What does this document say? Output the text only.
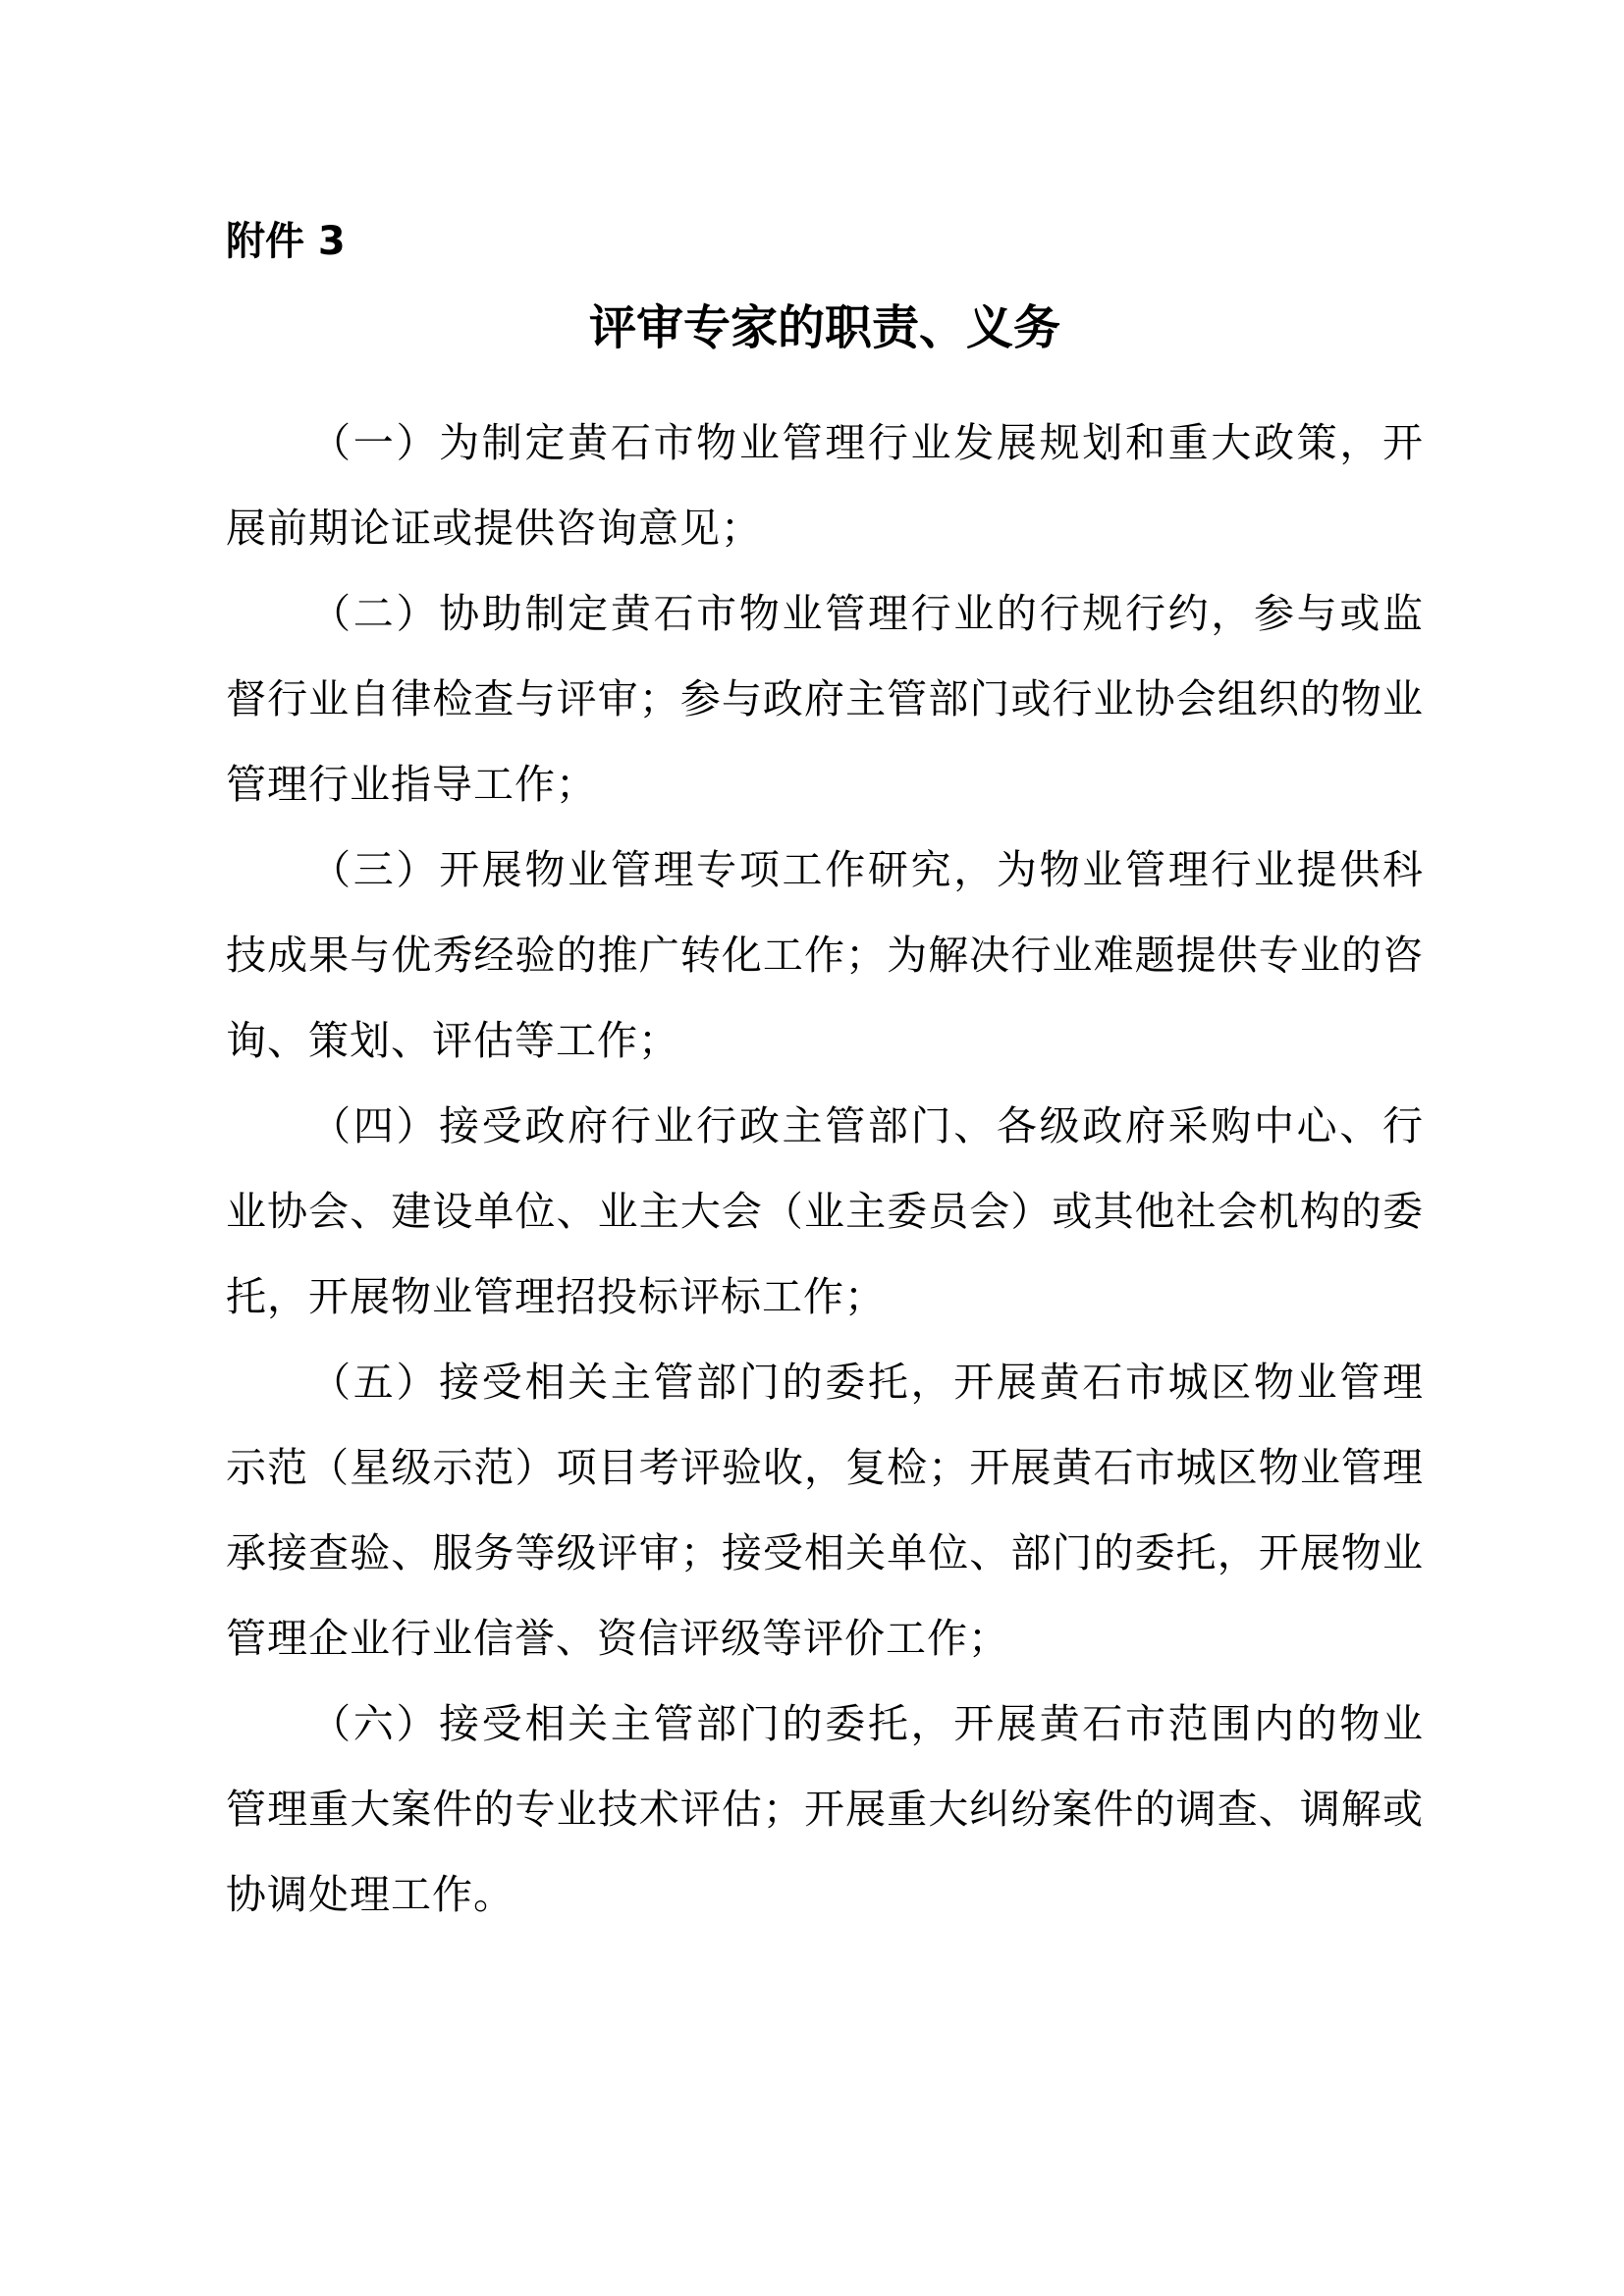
附件 3
评审专家的职责、义务

（一）为制定黄石市物业管理行业发展规划和重大政策，开展前期论证或提供咨询意见；

（二）协助制定黄石市物业管理行业的行规行约，参与或监督行业自律检查与评审；参与政府主管部门或行业协会组织的物业管理行业指导工作；

（三）开展物业管理专项工作研究，为物业管理行业提供科技成果与优秀经验的推广转化工作；为解决行业难题提供专业的咨询、策划、评估等工作；

（四）接受政府行业行政主管部门、各级政府采购中心、行业协会、建设单位、业主大会（业主委员会）或其他社会机构的委托，开展物业管理招投标评标工作；

（五）接受相关主管部门的委托，开展黄石市城区物业管理示范（星级示范）项目考评验收，复检；开展黄石市城区物业管理承接查验、服务等级评审；接受相关单位、部门的委托，开展物业管理企业行业信誉、资信评级等评价工作；

（六）接受相关主管部门的委托，开展黄石市范围内的物业管理重大案件的专业技术评估；开展重大纠纷案件的调查、调解或协调处理工作。
